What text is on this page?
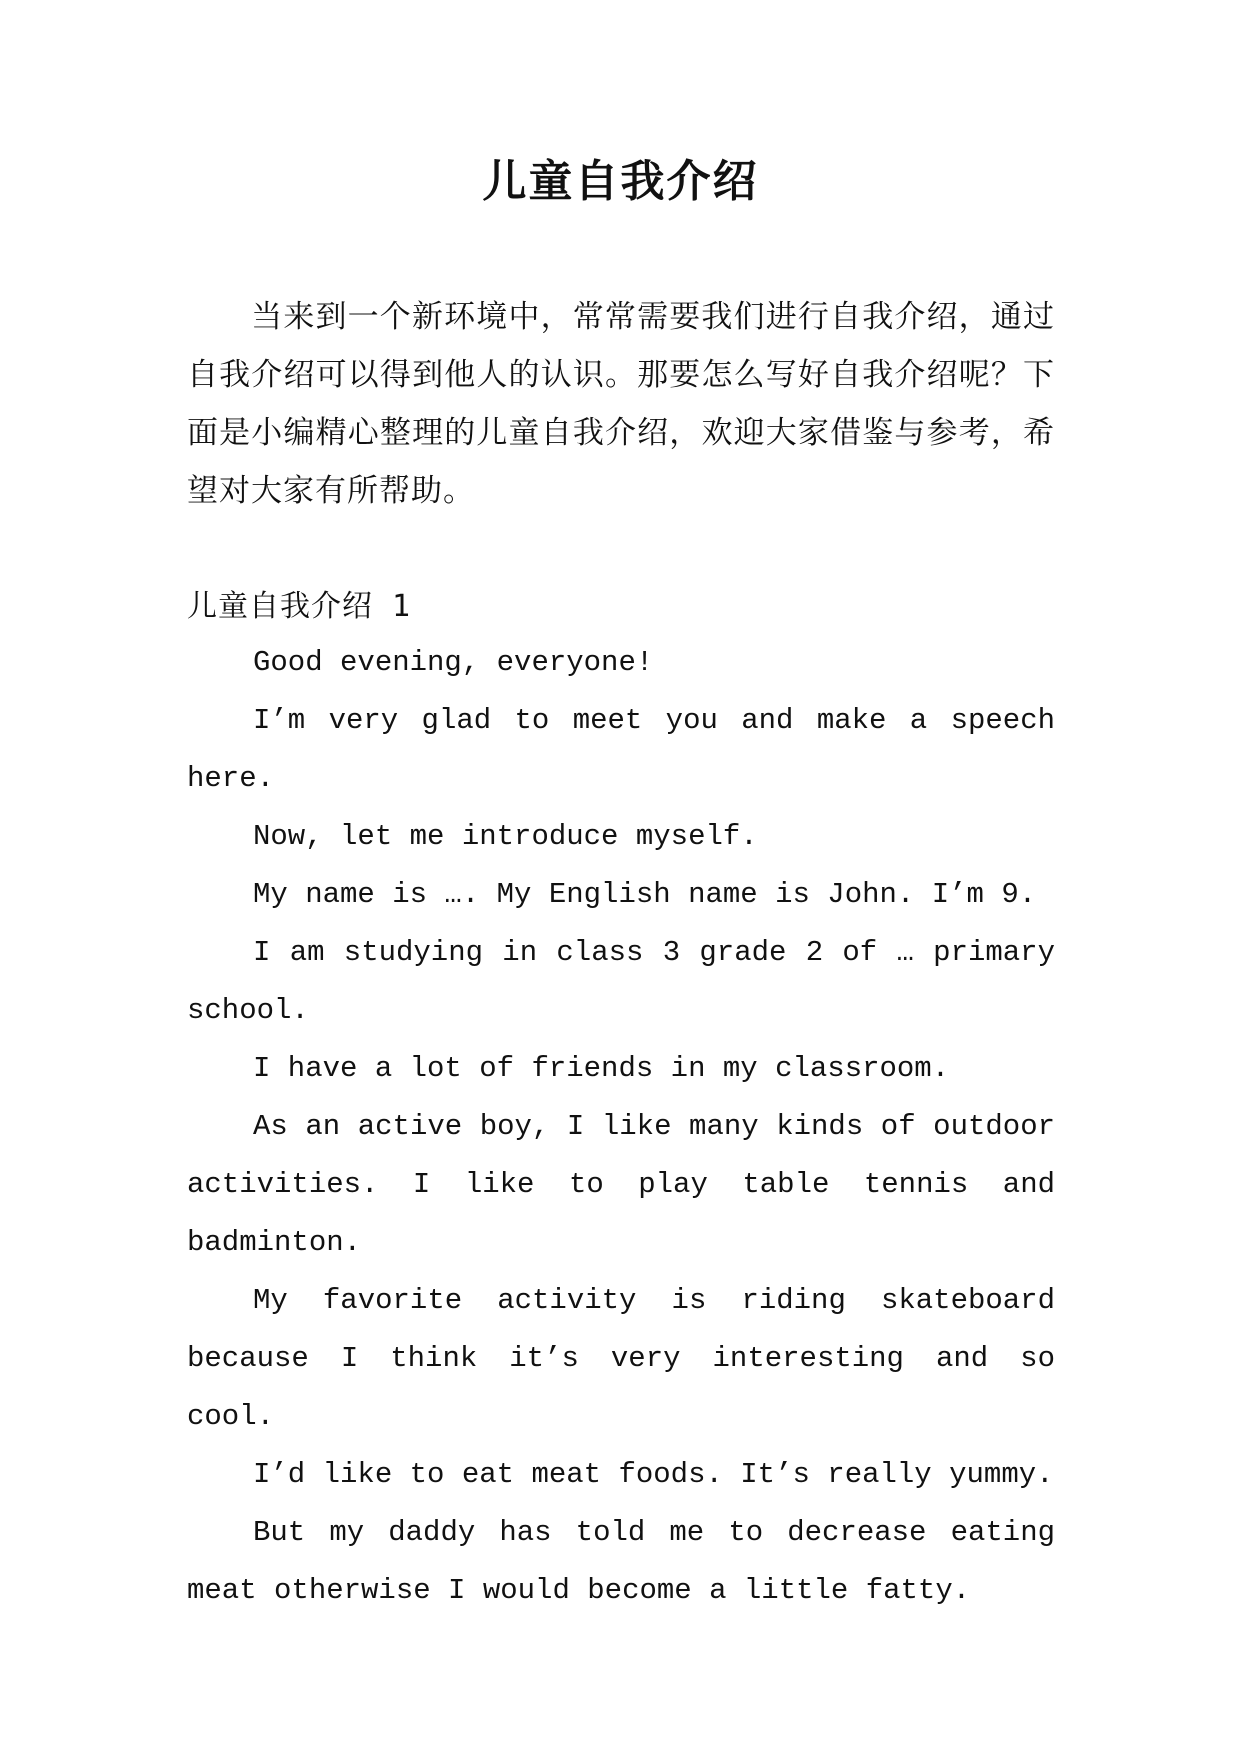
儿童自我介绍
当来到一个新环境中，常常需要我们进行自我介绍，通过自我介绍可以得到他人的认识。那要怎么写好自我介绍呢？下面是小编精心整理的儿童自我介绍，欢迎大家借鉴与参考，希望对大家有所帮助。
儿童自我介绍 1

Good evening, everyone!

I’m very glad to meet you and make a speech here.

Now, let me introduce myself.

My name is …. My English name is John. I’m 9.

I am studying in class 3 grade 2 of … primary school.

I have a lot of friends in my classroom.

As an active boy, I like many kinds of outdoor activities. I like to play table tennis and badminton.

My favorite activity is riding skateboard because I think it’s very interesting and so cool.

I’d like to eat meat foods. It’s really yummy.

But my daddy has told me to decrease eating meat otherwise I would become a little fatty.
